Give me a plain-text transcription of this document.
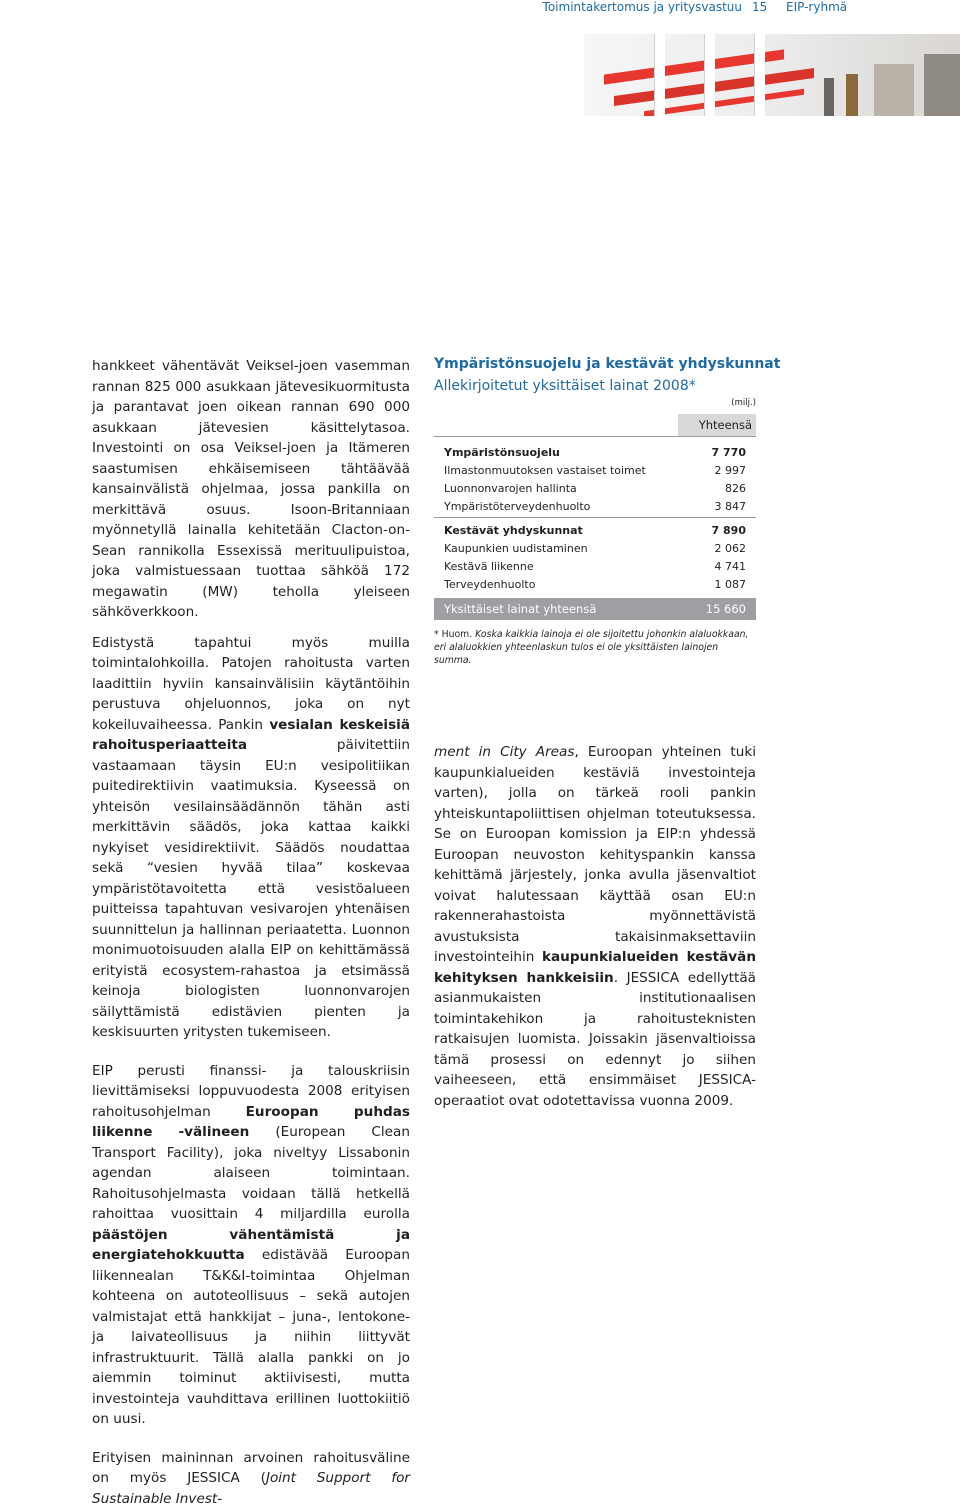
Toimintakertomus ja yritysvastuu 15 EIP-ryhmä

hankkeet vähentävät Veiksel-joen vasemman rannan 825 000 asukkaan jätevesikuormitusta ja parantavat joen oikean rannan 690 000 asukkaan jätevesien käsittelytasoa. Investointi on osa Veiksel-joen ja Itämeren saastumisen ehkäisemiseen tähtäävää kansainvälistä ohjelmaa, jossa pankilla on merkittävä osuus. Isoon-Britanniaan myönnetyllä lainalla kehitetään Clacton-on-Sean rannikolla Essexissä merituulipuistoa, joka valmistuessaan tuottaa sähköä 172 megawatin (MW) teholla yleiseen sähköverkkoon.

Edistystä tapahtui myös muilla toimintalohkoilla. Patojen rahoitusta varten laadittiin hyviin kansainvälisiin käytäntöihin perustuva ohjeluonnos, joka on nyt kokeiluvaiheessa. Pankin vesialan keskeisiä rahoitusperiaatteita päivitettiin vastaamaan täysin EU:n vesipolitiikan puitedirektiivin vaatimuksia. Kyseessä on yhteisön vesilainsäädännön tähän asti merkittävin säädös, joka kattaa kaikki nykyiset vesidirektiivit. Säädös noudattaa sekä “vesien hyvää tilaa” koskevaa ympäristötavoitetta että vesistöalueen puitteissa tapahtuvan vesivarojen yhtenäisen suunnittelun ja hallinnan periaatetta. Luonnon monimuotoisuuden alalla EIP on kehittämässä erityistä ecosystem-rahastoa ja etsimässä keinoja biologisten luonnonvarojen säilyttämistä edistävien pienten ja keskisuurten yritysten tukemiseen.

EIP perusti finanssi- ja talouskriisin lievittämiseksi loppuvuodesta 2008 erityisen rahoitusohjelman Euroopan puhdas liikenne -välineen (European Clean Transport Facility), joka niveltyy Lissabonin agendan alaiseen toimintaan. Rahoitusohjelmasta voidaan tällä hetkellä rahoittaa vuosittain 4 miljardilla eurolla päästöjen vähentämistä ja energiatehokkuutta edistävää Euroopan liikennealan T&K&I-toimintaa Ohjelman kohteena on autoteollisuus – sekä autojen valmistajat että hankkijat – juna-, lentokone- ja laivateollisuus ja niihin liittyvät infrastruktuurit. Tällä alalla pankki on jo aiemmin toiminut aktiivisesti, mutta investointeja vauhdittava erillinen luottokiitiö on uusi.

Erityisen maininnan arvoinen rahoitusväline on myös JESSICA (Joint Support for Sustainable Invest-

Ympäristönsuojelu ja kestävät yhdyskunnat
Allekirjoitetut yksittäiset lainat 2008*
(milj.)
Yhteensä
Ympäristönsuojelu	7 770
Ilmastonmuutoksen vastaiset toimet	2 997
Luonnonvarojen hallinta	826
Ympäristöterveydenhuolto	3 847
Kestävät yhdyskunnat	7 890
Kaupunkien uudistaminen	2 062
Kestävä liikenne	4 741
Terveydenhuolto	1 087
Yksittäiset lainat yhteensä	15 660
* Huom. Koska kaikkia lainoja ei ole sijoitettu johonkin alaluokkaan, eri alaluokkien yhteenlaskun tulos ei ole yksittäisten lainojen summa.

ment in City Areas, Euroopan yhteinen tuki kaupunkialueiden kestäviä investointeja varten), jolla on tärkeä rooli pankin yhteiskuntapoliittisen ohjelman toteutuksessa. Se on Euroopan komission ja EIP:n yhdessä Euroopan neuvoston kehityspankin kanssa kehittämä järjestely, jonka avulla jäsenvaltiot voivat halutessaan käyttää osan EU:n rakennerahastoista myönnettävistä avustuksista takaisinmaksettaviin investointeihin kaupunkialueiden kestävän kehityksen hankkeisiin. JESSICA edellyttää asianmukaisten institutionaalisen toimintakehikon ja rahoitusteknisten ratkaisujen luomista. Joissakin jäsenvaltioissa tämä prosessi on edennyt jo siihen vaiheeseen, että ensimmäiset JESSICA-operaatiot ovat odotettavissa vuonna 2009.
